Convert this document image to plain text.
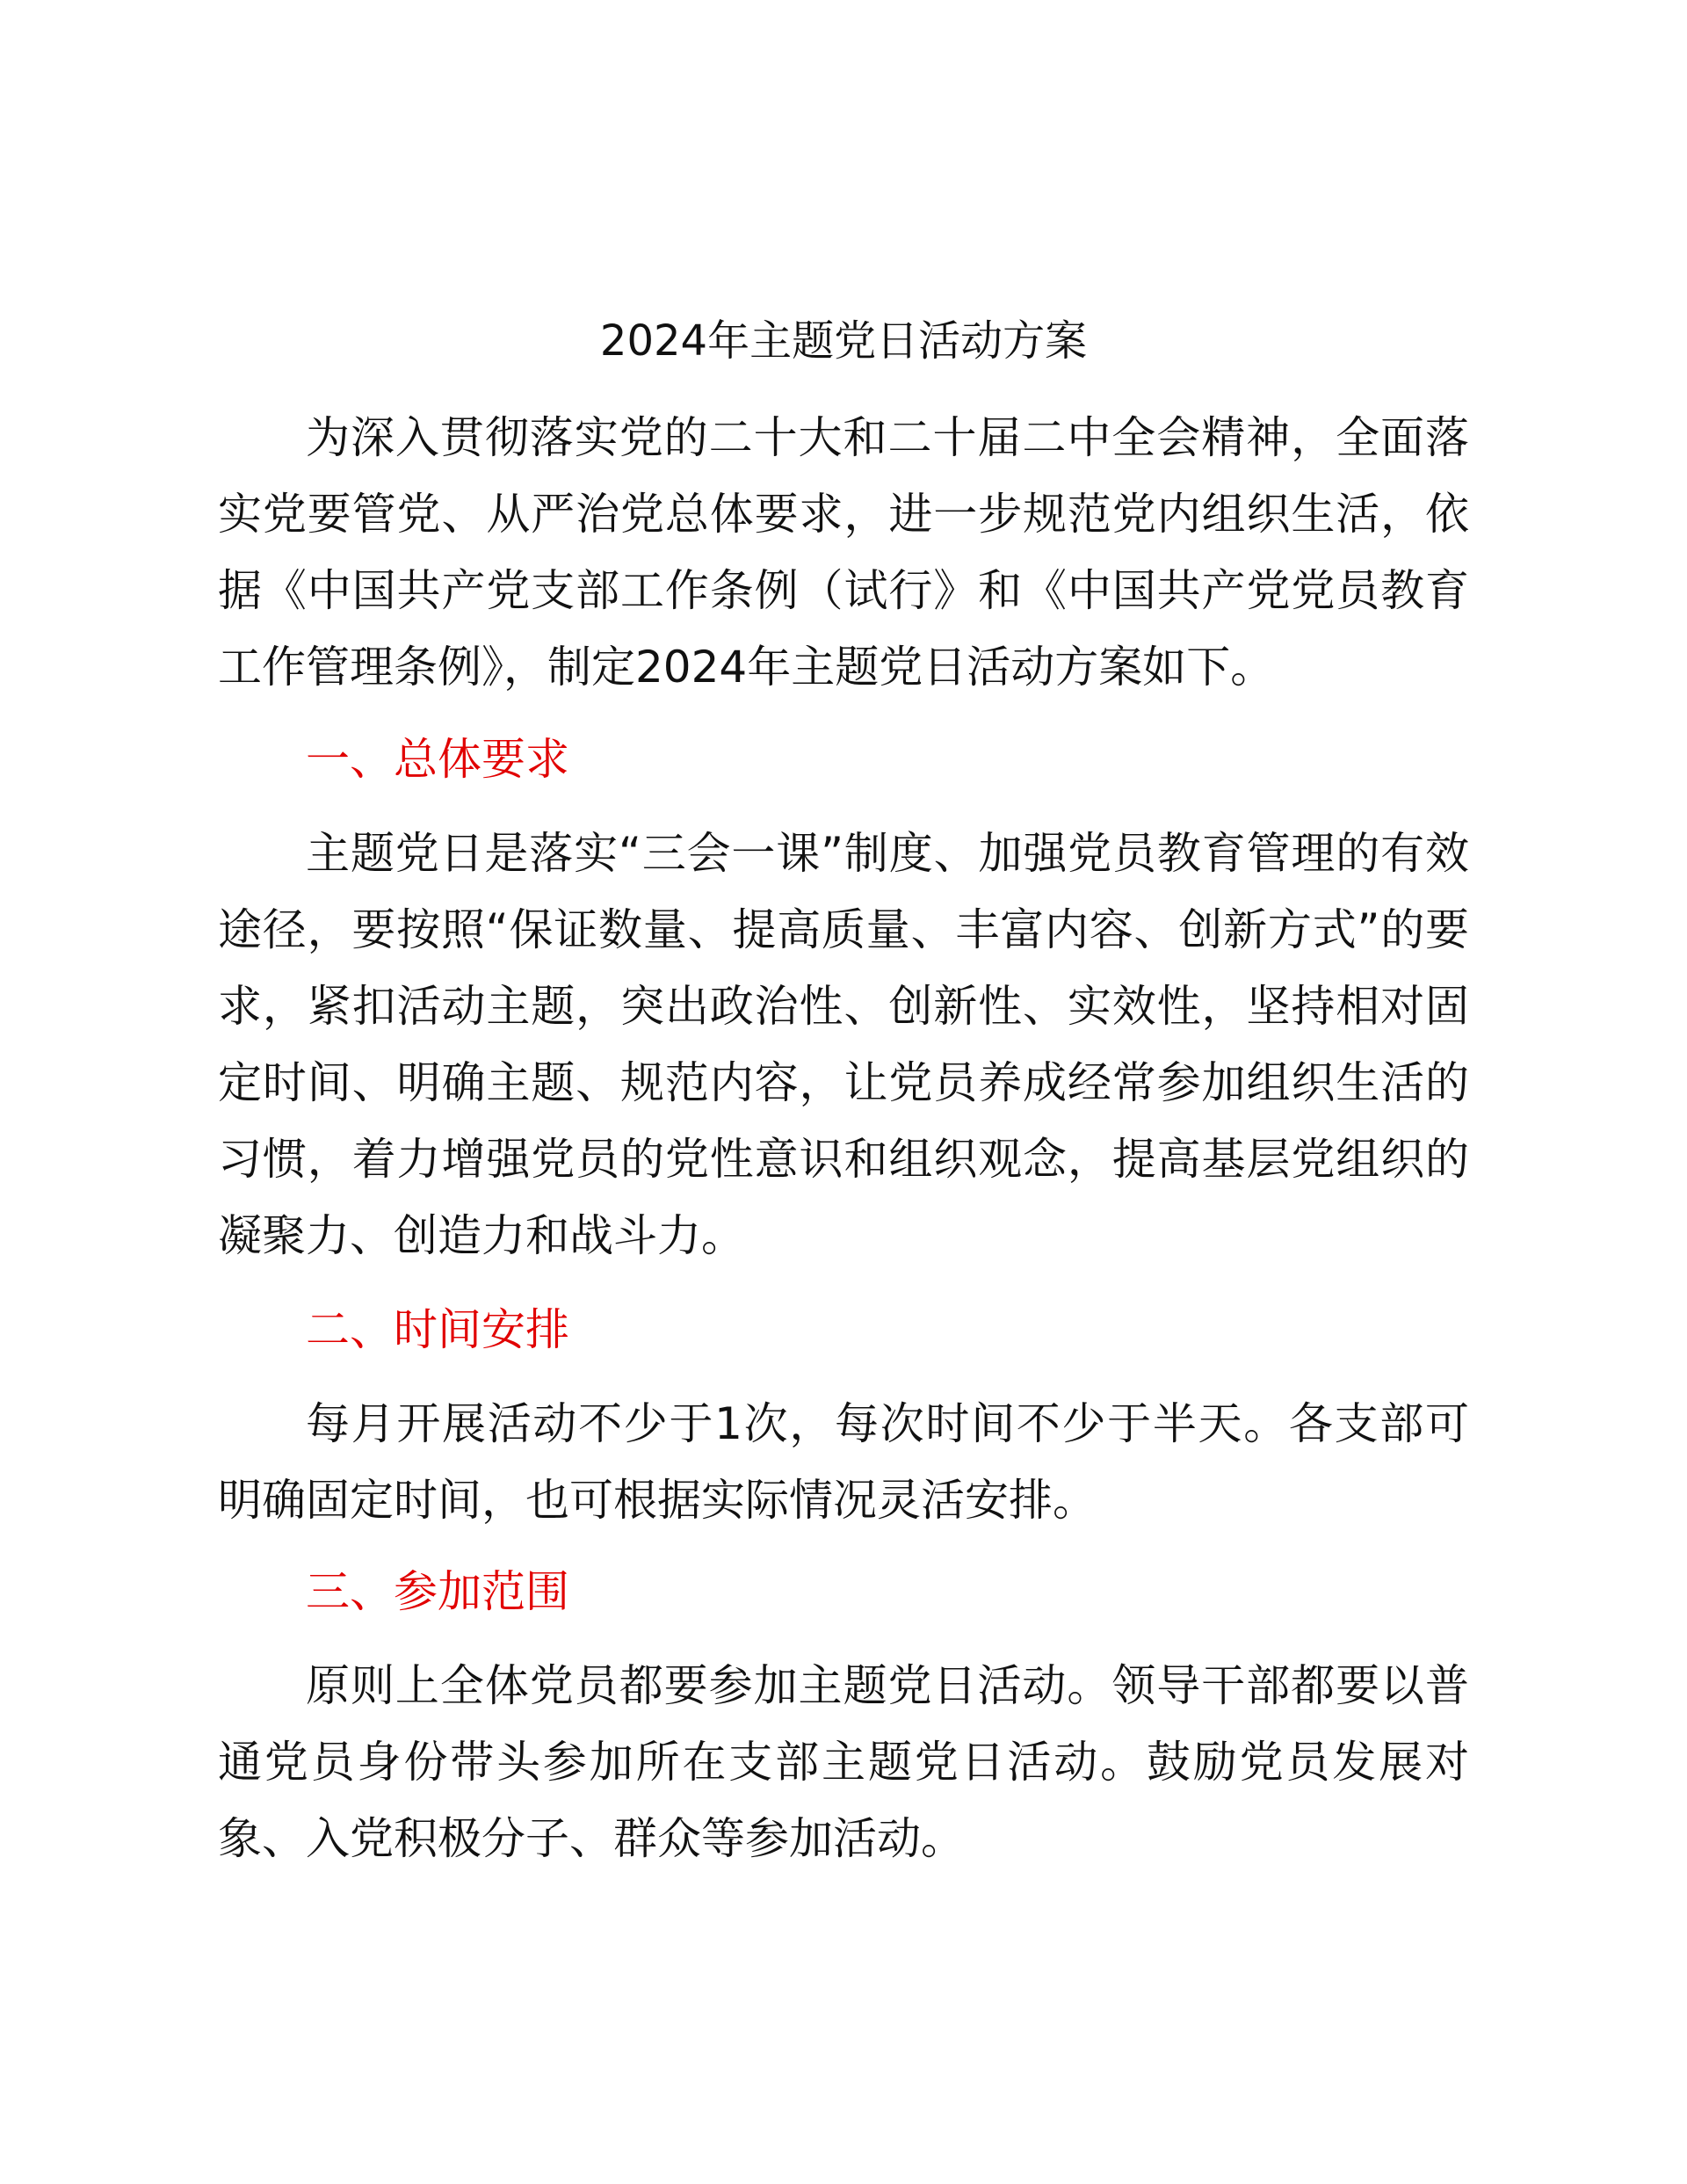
2024年主题党日活动方案

为深入贯彻落实党的二十大和二十届二中全会精神，全面落实党要管党、从严治党总体要求，进一步规范党内组织生活，依据《中国共产党支部工作条例（试行》和《中国共产党党员教育工作管理条例》，制定2024年主题党日活动方案如下。

一、总体要求

主题党日是落实“三会一课”制度、加强党员教育管理的有效途径，要按照“保证数量、提高质量、丰富内容、创新方式”的要求，紧扣活动主题，突出政治性、创新性、实效性，坚持相对固定时间、明确主题、规范内容，让党员养成经常参加组织生活的习惯，着力增强党员的党性意识和组织观念，提高基层党组织的凝聚力、创造力和战斗力。

二、时间安排

每月开展活动不少于1次，每次时间不少于半天。各支部可明确固定时间，也可根据实际情况灵活安排。

三、参加范围

原则上全体党员都要参加主题党日活动。领导干部都要以普通党员身份带头参加所在支部主题党日活动。鼓励党员发展对象、入党积极分子、群众等参加活动。
